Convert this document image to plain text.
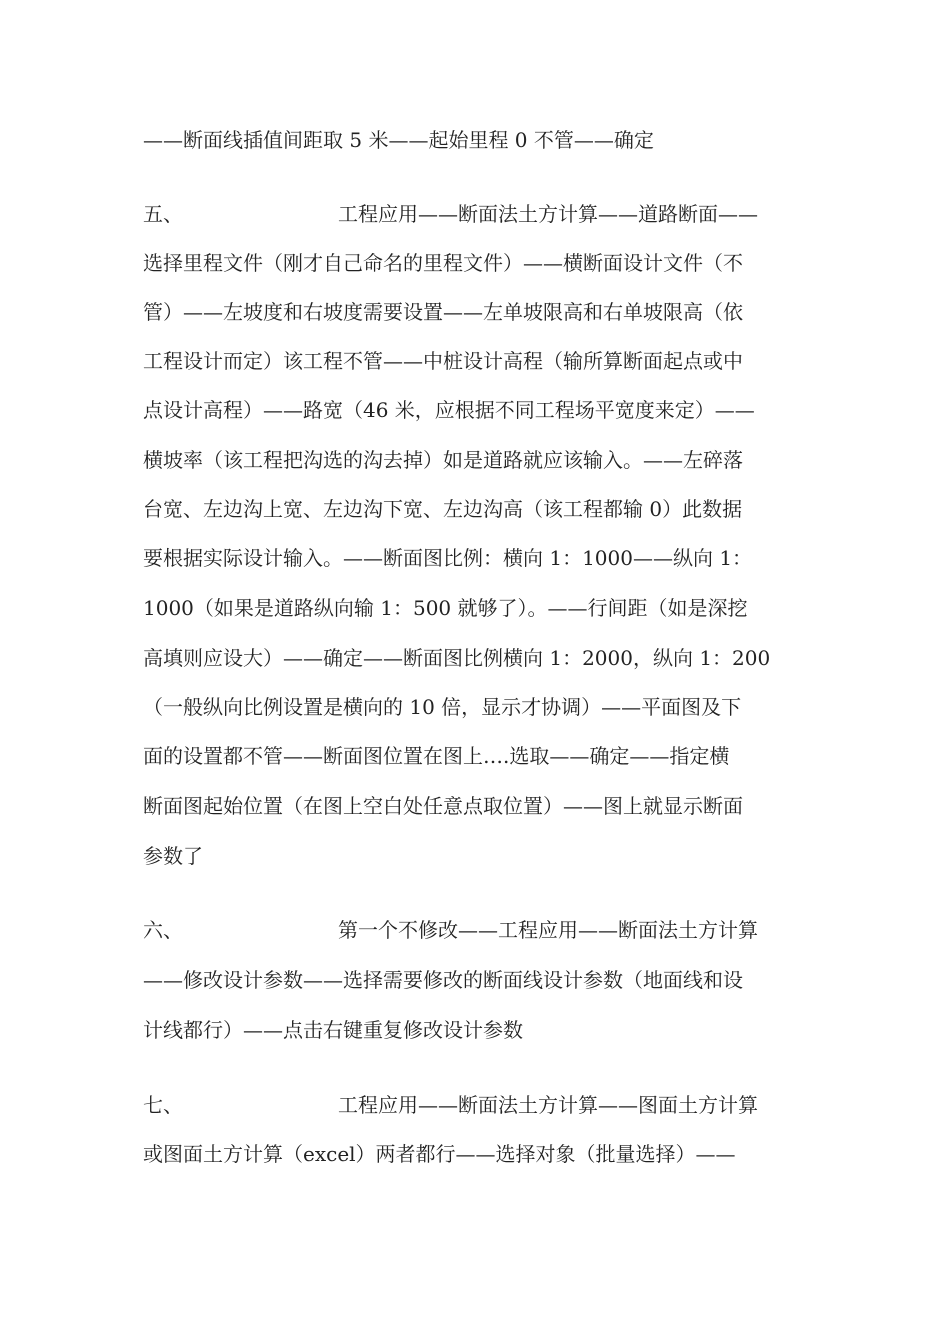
——断面线插值间距取 5 米——起始里程 0 不管——确定
五、	工程应用——断面法土方计算——道路断面——
选择里程文件（刚才自己命名的里程文件）——横断面设计文件（不
管）——左坡度和右坡度需要设置——左单坡限高和右单坡限高（依
工程设计而定）该工程不管——中桩设计高程（输所算断面起点或中
点设计高程）——路宽（46 米，应根据不同工程场平宽度来定）——
横坡率（该工程把沟选的沟去掉）如是道路就应该输入。——左碎落
台宽、左边沟上宽、左边沟下宽、左边沟高（该工程都输 0）此数据
要根据实际设计输入。——断面图比例：横向 1：1000——纵向 1：
1000（如果是道路纵向输 1：500 就够了）。——行间距（如是深挖
高填则应设大）——确定——断面图比例横向 1：2000，纵向 1：200
（一般纵向比例设置是横向的 10 倍，显示才协调）——平面图及下
面的设置都不管——断面图位置在图上….选取——确定——指定横
断面图起始位置（在图上空白处任意点取位置）——图上就显示断面
参数了
六、	第一个不修改——工程应用——断面法土方计算
——修改设计参数——选择需要修改的断面线设计参数（地面线和设
计线都行）——点击右键重复修改设计参数
七、	工程应用——断面法土方计算——图面土方计算
或图面土方计算（excel）两者都行——选择对象（批量选择）——
